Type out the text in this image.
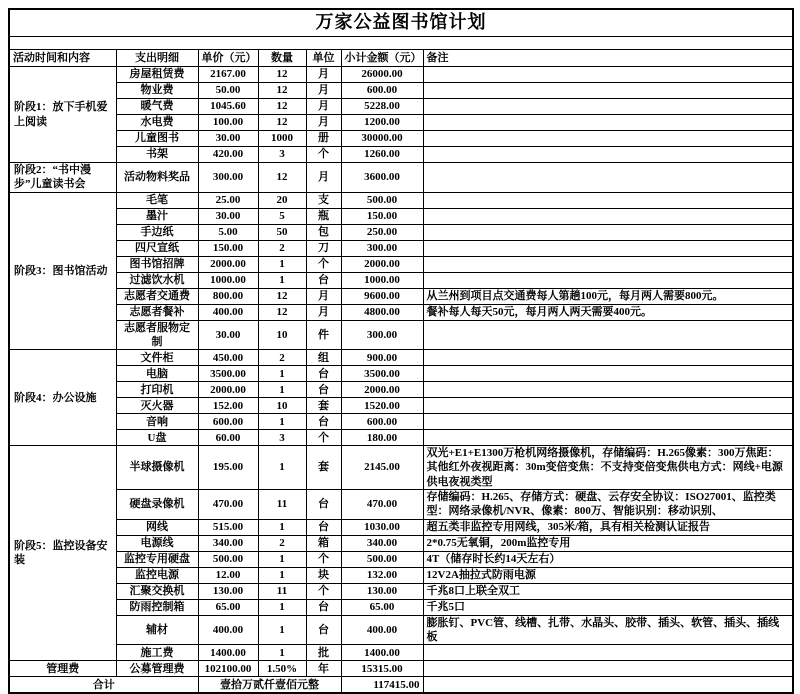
万家公益图书馆计划						

活动时间和内容	支出明细	单价（元）	数量	单位	小计金额（元）	备注
阶段1：放下手机爱上阅读	房屋租赁费	2167.00	12	月	26000.00	
	物业费	50.00	12	月	600.00	
	暖气费	1045.60	12	月	5228.00	
	水电费	100.00	12	月	1200.00	
	儿童图书	30.00	1000	册	30000.00	
	书架	420.00	3	个	1260.00	
阶段2：“书中漫步”儿童读书会	活动物料奖品	300.00	12	月	3600.00	
阶段3：图书馆活动	毛笔	25.00	20	支	500.00	
	墨汁	30.00	5	瓶	150.00	
	手边纸	5.00	50	包	250.00	
	四尺宣纸	150.00	2	刀	300.00	
	图书馆招牌	2000.00	1	个	2000.00	
	过滤饮水机	1000.00	1	台	1000.00	
	志愿者交通费	800.00	12	月	9600.00	从兰州到项目点交通费每人第趟100元，每月两人需要800元。
	志愿者餐补	400.00	12	月	4800.00	餐补每人每天50元，每月两人两天需要400元。
	志愿者服物定制	30.00	10	件	300.00	
阶段4：办公设施	文件柜	450.00	2	组	900.00	
	电脑	3500.00	1	台	3500.00	
	打印机	2000.00	1	台	2000.00	
	灭火器	152.00	10	套	1520.00	
	音响	600.00	1	台	600.00	
	U盘	60.00	3	个	180.00	
阶段5：监控设备安装	半球摄像机	195.00	1	套	2145.00	双光+E1+E1300万枪机网络摄像机，存储编码：H.265像素：300万焦距：其他红外夜视距离：30m变倍变焦：不支持变倍变焦供电方式：网线+电源供电夜视类型
	硬盘录像机	470.00	11	台	470.00	存储编码：H.265、存储方式：硬盘、云存安全协议：ISO27001、监控类型：网络录像机/NVR、像素：800万、智能识别：移动识别、
	网线	515.00	1	台	1030.00	超五类非监控专用网线，305米/箱，具有相关检测认证报告
	电源线	340.00	2	箱	340.00	2*0.75无氧铜，200m监控专用
	监控专用硬盘	500.00	1	个	500.00	4T（储存时长约14天左右）
	监控电源	12.00	1	块	132.00	12V2A抽拉式防雨电源
	汇聚交换机	130.00	11	个	130.00	千兆8口上联全双工
	防雨控制箱	65.00	1	台	65.00	千兆5口
	辅材	400.00	1	台	400.00	膨胀钉、PVC管、线槽、扎带、水晶头、胶带、插头、软管、插头、插线板
	施工费	1400.00	1	批	1400.00	
管理费	公募管理费	102100.00	1.50%	年	15315.00	
合计		壹拾万贰仟壹佰元整			117415.00	
